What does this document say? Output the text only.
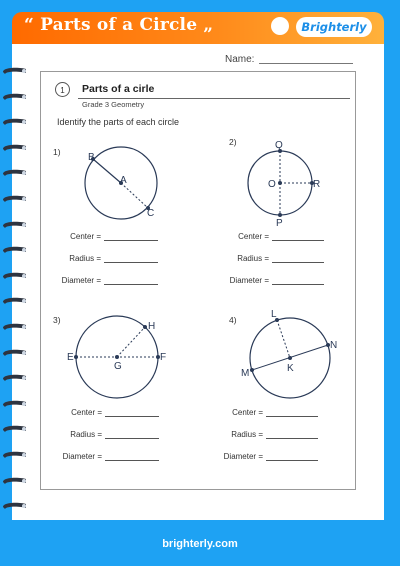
“ Parts of a Circle „	Brighterly
Name:
1	Parts of a cirle
Grade 3 Geometry
Identify the parts of each circle
1)
2)
3)	4)
B
A
C
Q
O	R
P
H
E
G
F
L
N
K
M
Center =
Radius =
Diameter =
Center =
Radius =
Diameter =
Center =
Radius =
Diameter =
Center =
Radius =
Diameter =
brighterly.com
